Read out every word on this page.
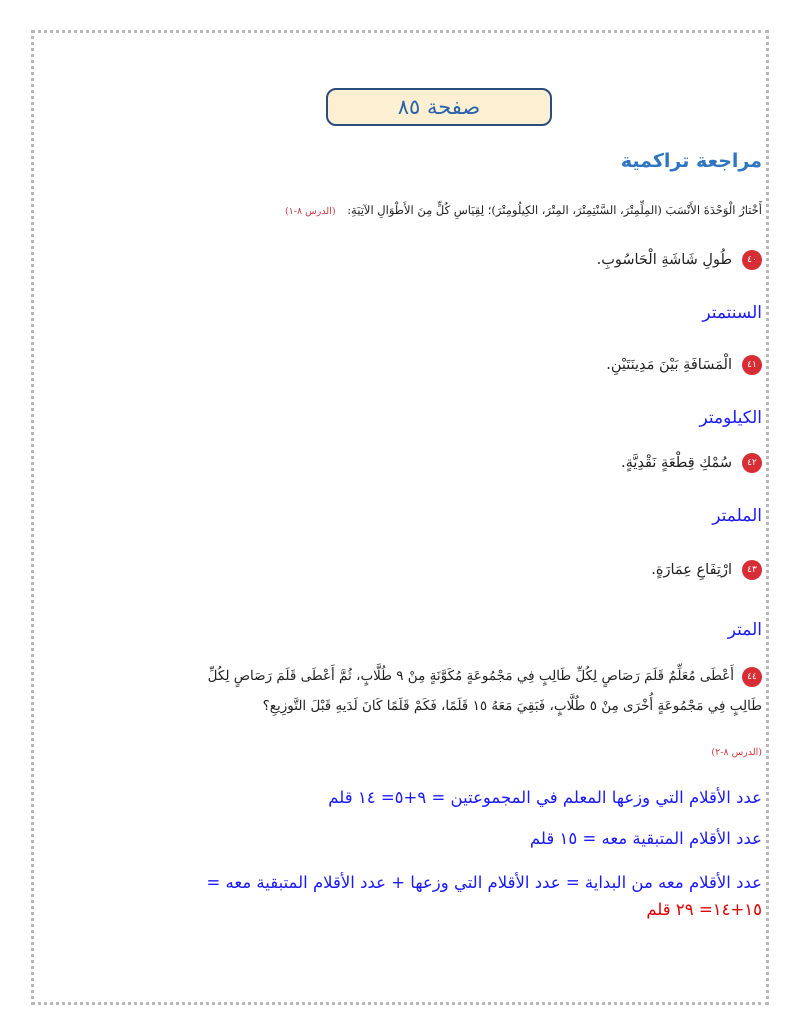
صفحة ٨٥
مراجعة تراكمية
أَخْتارُ الْوَحْدَةَ الأَنْسَبَ (المِلِّمِتْرَ، السَّنْتِمِتْرَ، المِتْرَ، الكِيلُومِتْرَ)؛ لِقِيَاسِ كُلٍّ مِنَ الأَطْوَالِ الآتِيَةِ: (الدرس ٨-١)
٤٠
طُولِ شَاشَةِ الْحَاسُوبِ.
السنتمتر
٤١
الْمَسَافَةِ بَيْنَ مَدِينَتَيْنِ.
الكيلومتر
٤٢
سُمْكِ قِطْعَةٍ نَقْدِيَّةٍ.
الملمتر
٤٣
ارْتِفَاعِ عِمَارَةٍ.
المتر
٤٤أَعْطَى مُعَلِّمٌ قَلَمَ رَصَاصٍ لِكُلِّ طَالِبٍ فِي مَجْمُوعَةٍ مُكَوَّنَةٍ مِنْ ٩ طُلَّابٍ، ثُمَّ أَعْطَى قَلَمَ رَصَاصٍ لِكُلِّ
طَالِبٍ فِي مَجْمُوعَةٍ أُخْرَى مِنْ ٥ طُلَّابٍ، فَبَقِيَ مَعَهُ ١٥ قَلَمًا، فَكَمْ قَلَمًا كَانَ لَدَيهِ قَبْلَ التَّوزِيعِ؟
(الدرس ٨-٢)
عدد الأقلام التي وزعها المعلم في المجموعتين = ٩+٥= ١٤ قلم
عدد الأقلام المتبقية معه = ١٥ قلم
عدد الأقلام معه من البداية = عدد الأقلام التي وزعها + عدد الأقلام المتبقية معه =
١٥+١٤= ٢٩ قلم
